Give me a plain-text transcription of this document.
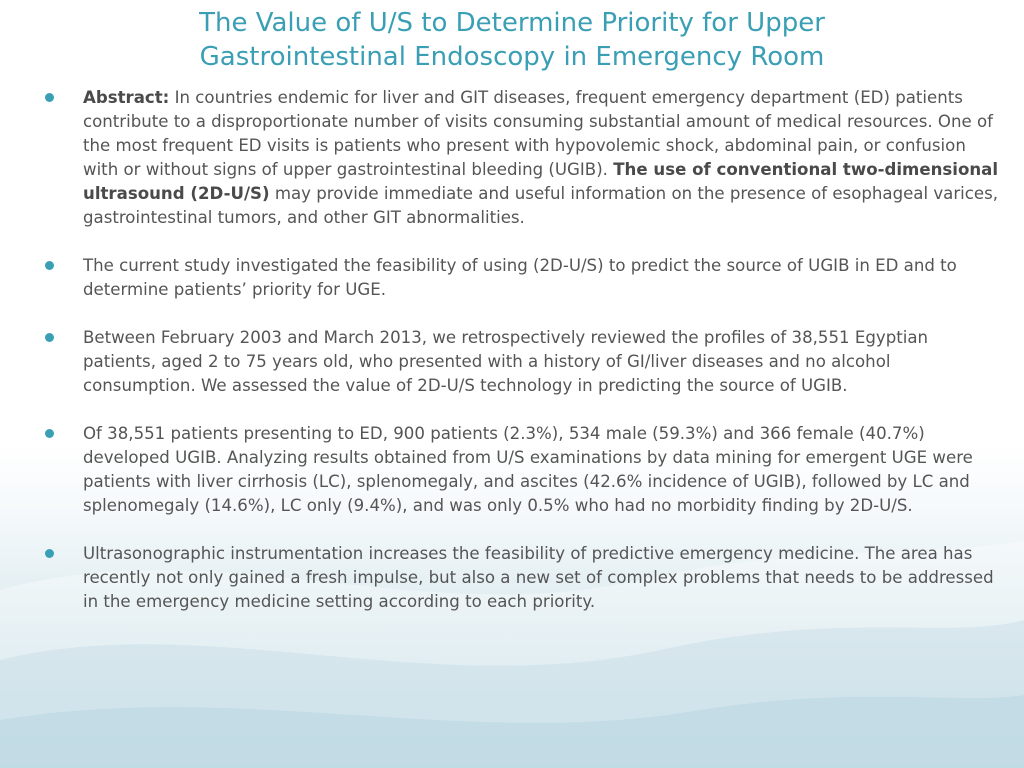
The Value of U/S to Determine Priority for Upper
Gastrointestinal Endoscopy in Emergency Room

Abstract: In countries endemic for liver and GIT diseases, frequent emergency department (ED) patients contribute to a disproportionate number of visits consuming substantial amount of medical resources. One of the most frequent ED visits is patients who present with hypovolemic shock, abdominal pain, or confusion with or without signs of upper gastrointestinal bleeding (UGIB). The use of conventional two-dimensional ultrasound (2D-U/S) may provide immediate and useful information on the presence of esophageal varices, gastrointestinal tumors, and other GIT abnormalities.

The current study investigated the feasibility of using (2D-U/S) to predict the source of UGIB in ED and to determine patients’ priority for UGE.

Between February 2003 and March 2013, we retrospectively reviewed the profiles of 38,551 Egyptian patients, aged 2 to 75 years old, who presented with a history of GI/liver diseases and no alcohol consumption. We assessed the value of 2D-U/S technology in predicting the source of UGIB.

Of 38,551 patients presenting to ED, 900 patients (2.3%), 534 male (59.3%) and 366 female (40.7%) developed UGIB. Analyzing results obtained from U/S examinations by data mining for emergent UGE were patients with liver cirrhosis (LC), splenomegaly, and ascites (42.6% incidence of UGIB), followed by LC and splenomegaly (14.6%), LC only (9.4%), and was only 0.5% who had no morbidity finding by 2D-U/S.

Ultrasonographic instrumentation increases the feasibility of predictive emergency medicine. The area has recently not only gained a fresh impulse, but also a new set of complex problems that needs to be addressed in the emergency medicine setting according to each priority.
